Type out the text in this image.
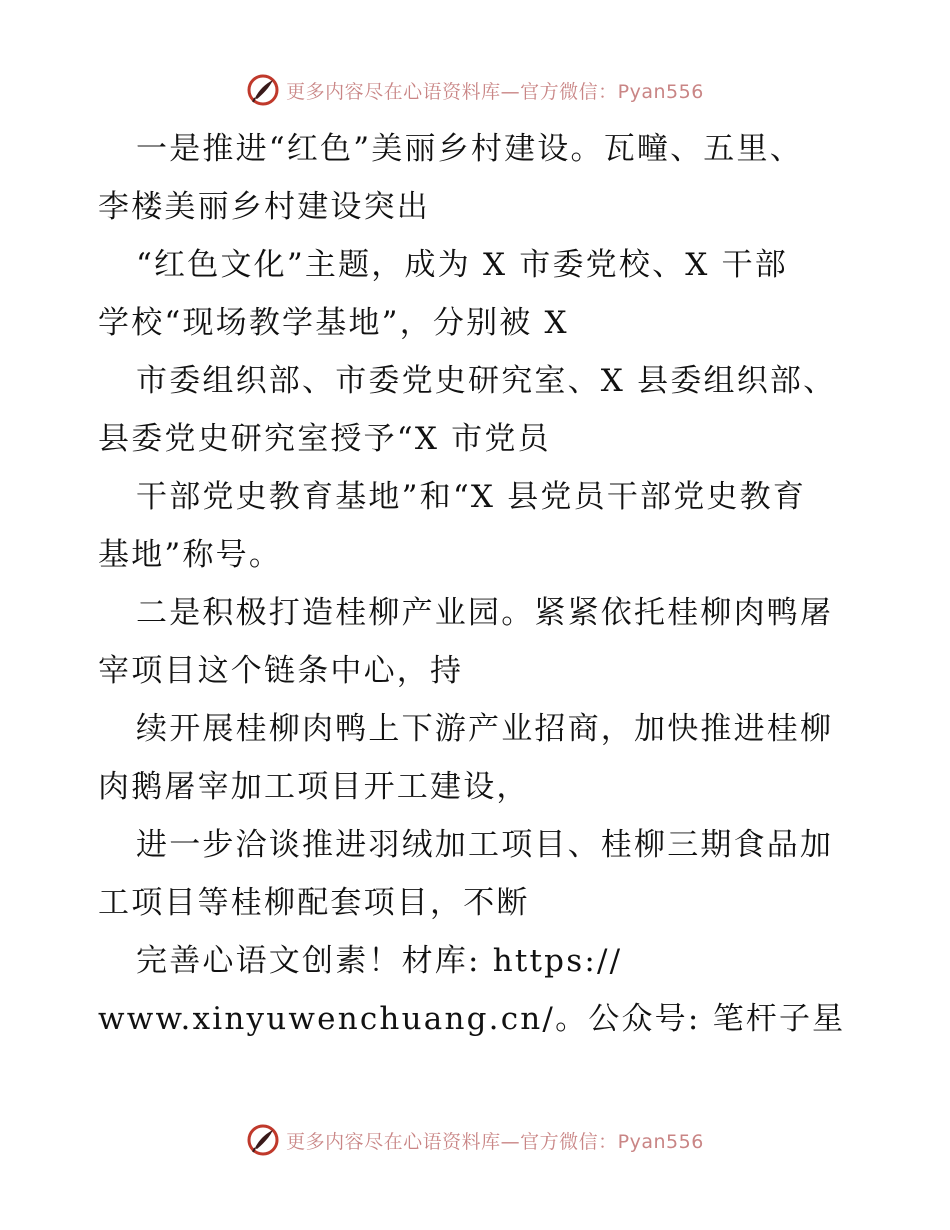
更多内容尽在心语资料库—官方微信：Pyan556
一是推进“红色”美丽乡村建设。瓦疃、五里、
李楼美丽乡村建设突出
“红色文化”主题，成为 X 市委党校、X 干部
学校“现场教学基地”，分别被 X
市委组织部、市委党史研究室、X 县委组织部、
县委党史研究室授予“X 市党员
干部党史教育基地”和“X 县党员干部党史教育
基地”称号。
二是积极打造桂柳产业园。紧紧依托桂柳肉鸭屠
宰项目这个链条中心，持
续开展桂柳肉鸭上下游产业招商，加快推进桂柳
肉鹅屠宰加工项目开工建设，
进一步洽谈推进羽绒加工项目、桂柳三期食品加
工项目等桂柳配套项目，不断
完善心语文创素！材库: https://
www.xinyuwenchuang.cn/。公众号: 笔杆子星
更多内容尽在心语资料库—官方微信：Pyan556
